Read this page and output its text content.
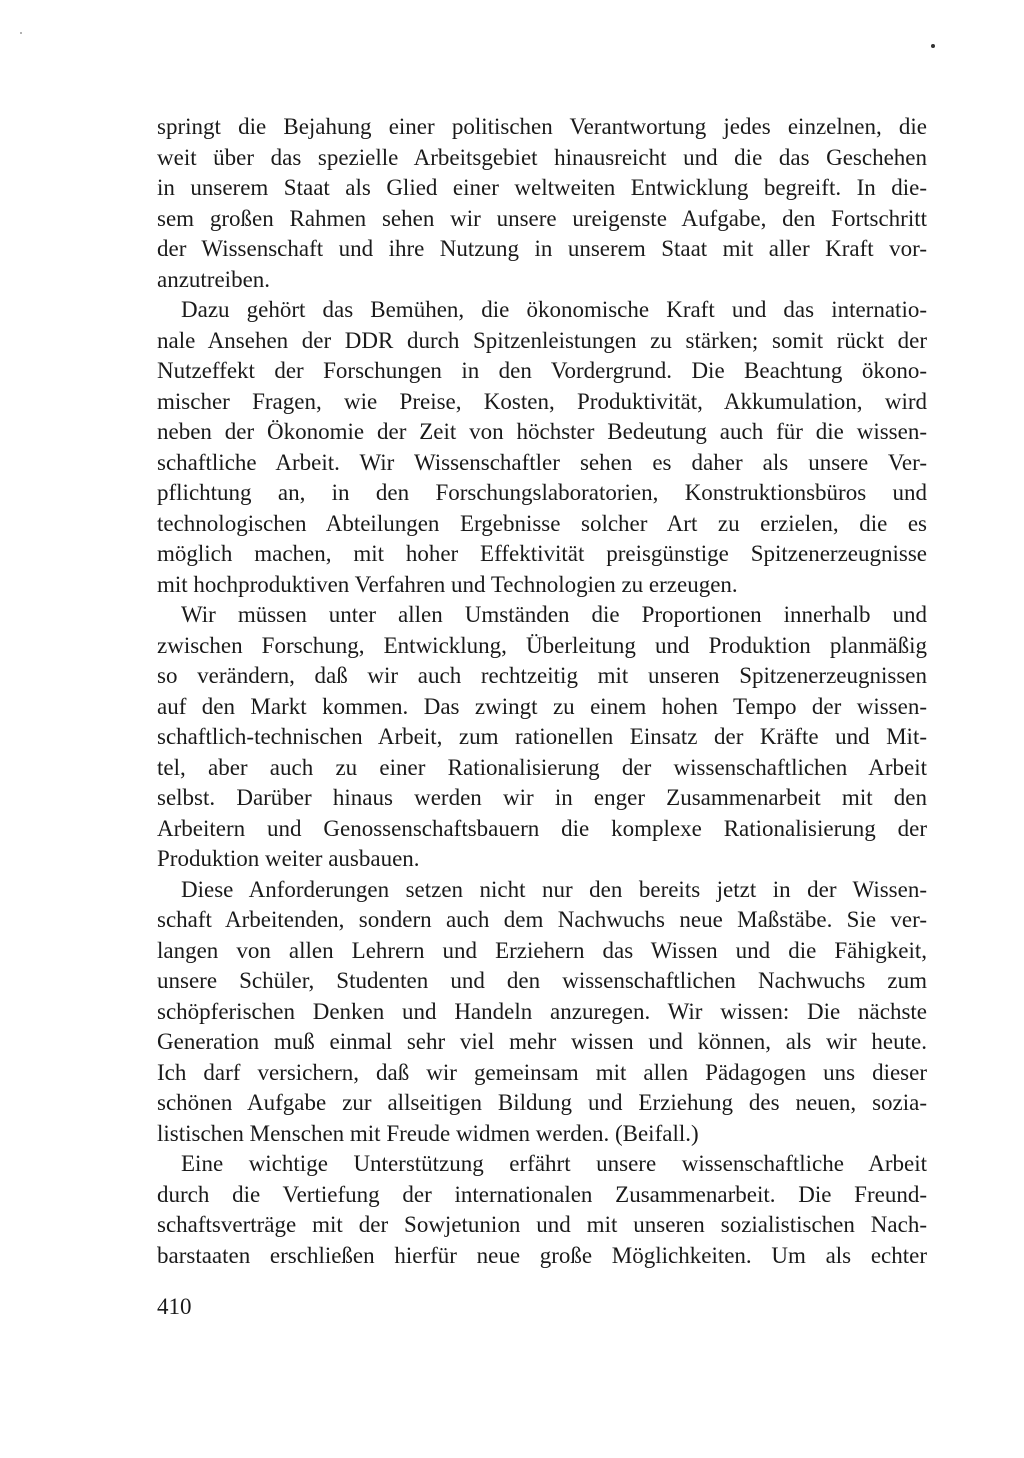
springt die Bejahung einer politischen Verantwortung jedes einzelnen, die
weit über das spezielle Arbeitsgebiet hinausreicht und die das Geschehen
in unserem Staat als Glied einer weltweiten Entwicklung begreift. In die-
sem großen Rahmen sehen wir unsere ureigenste Aufgabe, den Fortschritt
der Wissenschaft und ihre Nutzung in unserem Staat mit aller Kraft vor-
anzutreiben.
Dazu gehört das Bemühen, die ökonomische Kraft und das internatio-
nale Ansehen der DDR durch Spitzenleistungen zu stärken; somit rückt der
Nutzeffekt der Forschungen in den Vordergrund. Die Beachtung ökono-
mischer Fragen, wie Preise, Kosten, Produktivität, Akkumulation, wird
neben der Ökonomie der Zeit von höchster Bedeutung auch für die wissen-
schaftliche Arbeit. Wir Wissenschaftler sehen es daher als unsere Ver-
pflichtung an, in den Forschungslaboratorien, Konstruktionsbüros und
technologischen Abteilungen Ergebnisse solcher Art zu erzielen, die es
möglich machen, mit hoher Effektivität preisgünstige Spitzenerzeugnisse
mit hochproduktiven Verfahren und Technologien zu erzeugen.
Wir müssen unter allen Umständen die Proportionen innerhalb und
zwischen Forschung, Entwicklung, Überleitung und Produktion planmäßig
so verändern, daß wir auch rechtzeitig mit unseren Spitzenerzeugnissen
auf den Markt kommen. Das zwingt zu einem hohen Tempo der wissen-
schaftlich-technischen Arbeit, zum rationellen Einsatz der Kräfte und Mit-
tel, aber auch zu einer Rationalisierung der wissenschaftlichen Arbeit
selbst. Darüber hinaus werden wir in enger Zusammenarbeit mit den
Arbeitern und Genossenschaftsbauern die komplexe Rationalisierung der
Produktion weiter ausbauen.
Diese Anforderungen setzen nicht nur den bereits jetzt in der Wissen-
schaft Arbeitenden, sondern auch dem Nachwuchs neue Maßstäbe. Sie ver-
langen von allen Lehrern und Erziehern das Wissen und die Fähigkeit,
unsere Schüler, Studenten und den wissenschaftlichen Nachwuchs zum
schöpferischen Denken und Handeln anzuregen. Wir wissen: Die nächste
Generation muß einmal sehr viel mehr wissen und können, als wir heute.
Ich darf versichern, daß wir gemeinsam mit allen Pädagogen uns dieser
schönen Aufgabe zur allseitigen Bildung und Erziehung des neuen, sozia-
listischen Menschen mit Freude widmen werden. (Beifall.)
Eine wichtige Unterstützung erfährt unsere wissenschaftliche Arbeit
durch die Vertiefung der internationalen Zusammenarbeit. Die Freund-
schaftsverträge mit der Sowjetunion und mit unseren sozialistischen Nach-
barstaaten erschließen hierfür neue große Möglichkeiten. Um als echter
410
